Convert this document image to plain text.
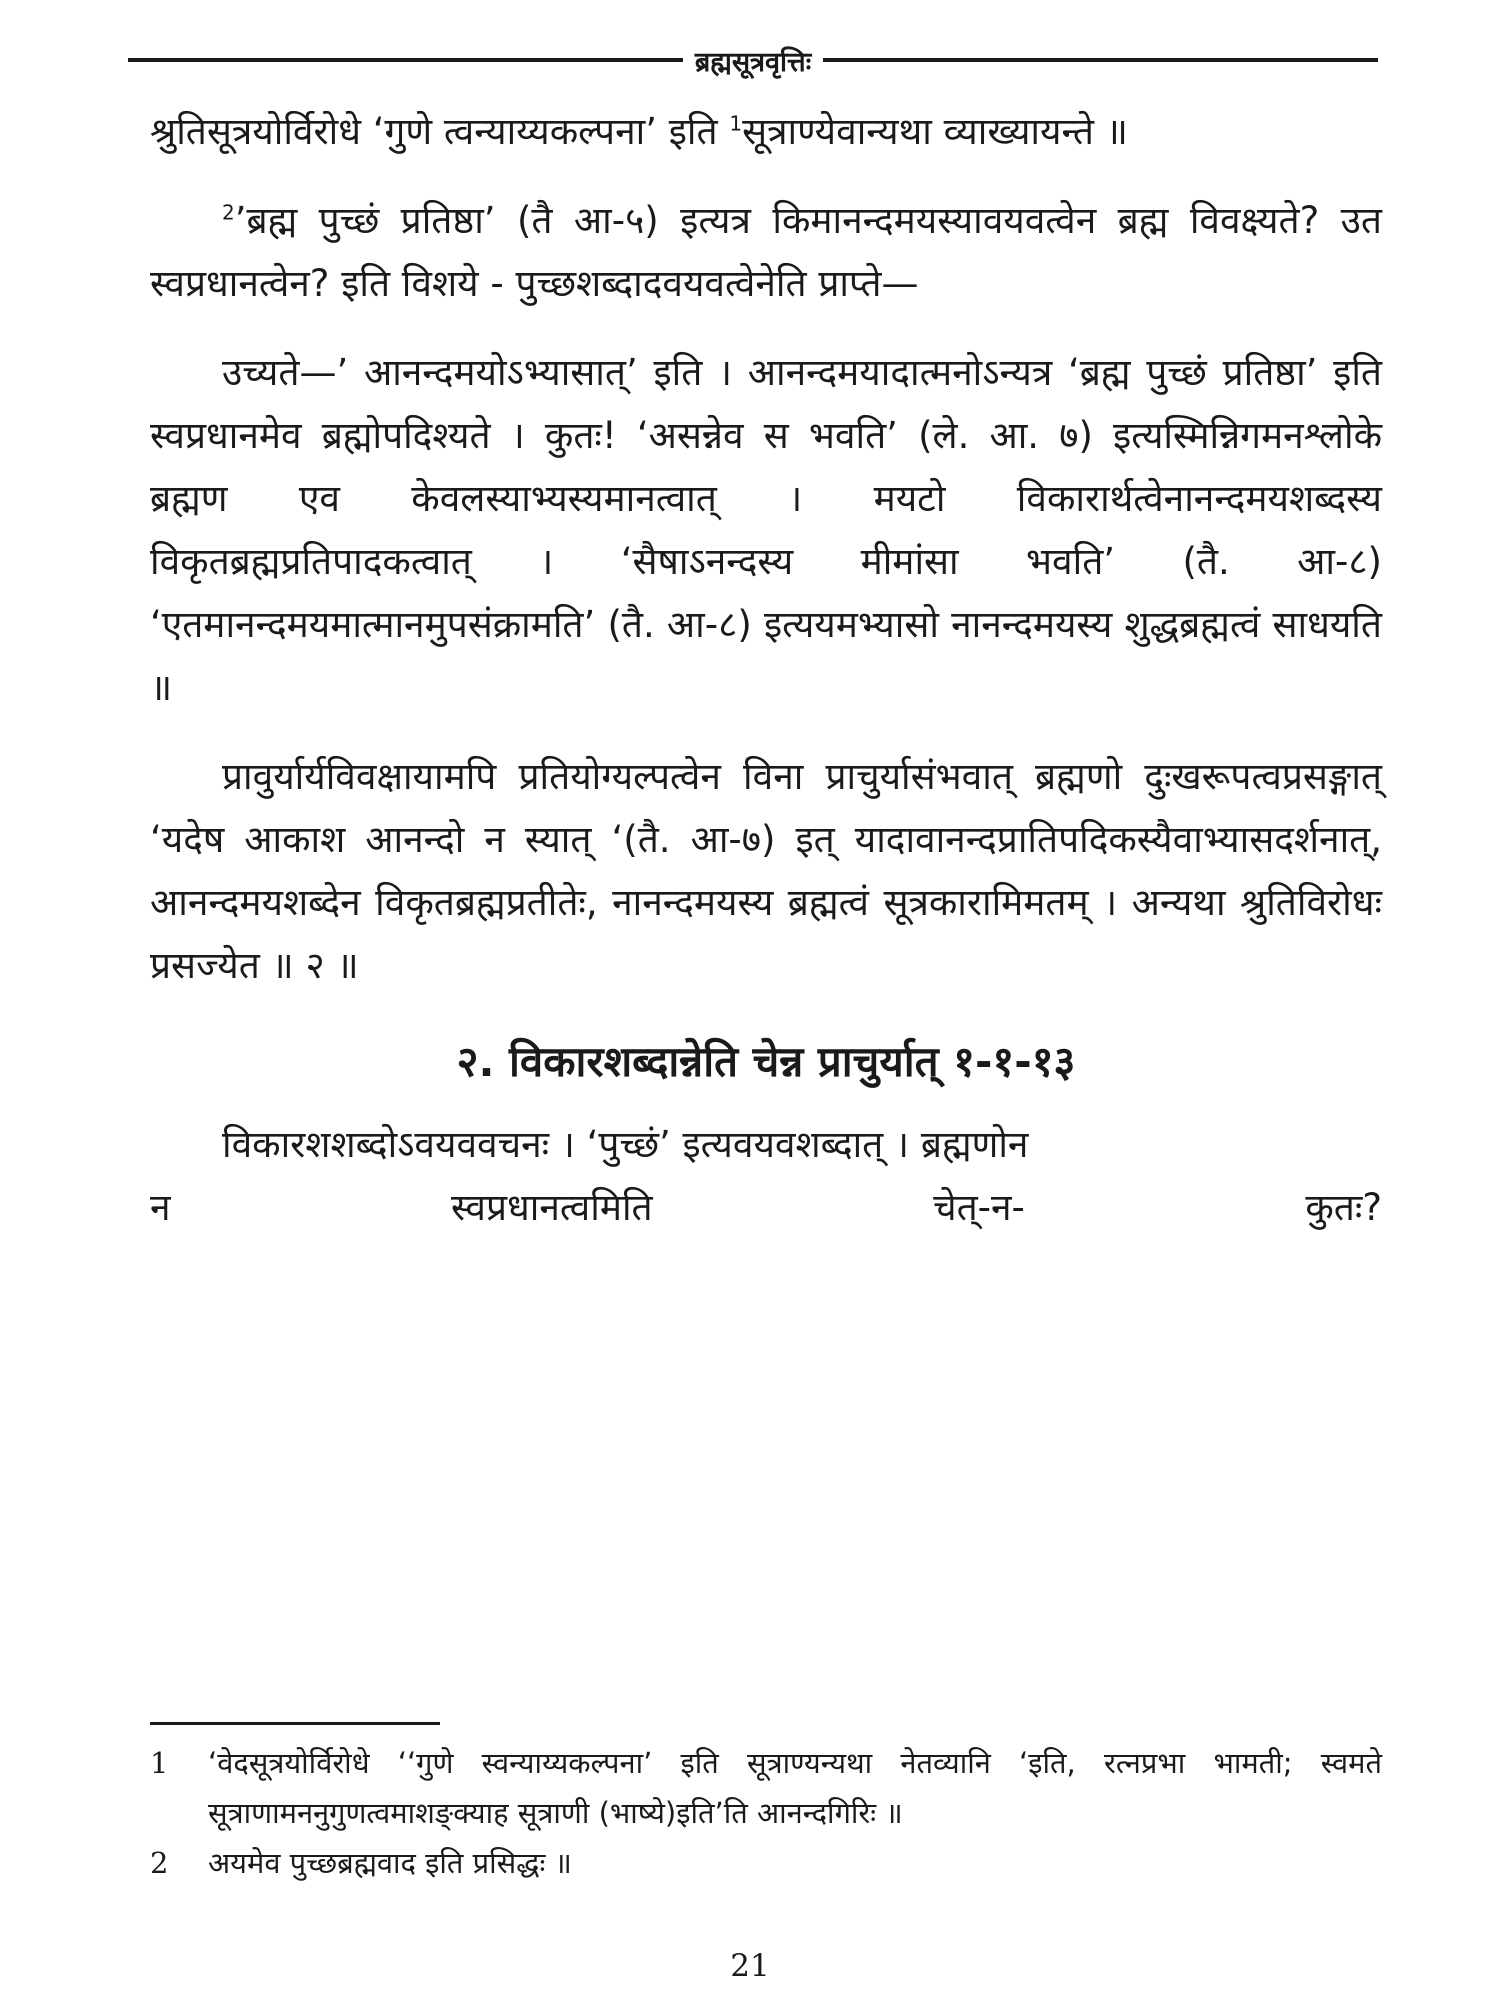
ब्रह्मसूत्रवृत्तिः

श्रुतिसूत्रयोर्विरोधे ‘गुणे त्वन्याय्यकल्पना’ इति $^1$सूत्राण्येवान्यथा व्याख्यायन्ते ॥

$^2$’ब्रह्म पुच्छं प्रतिष्ठा’ (तै आ-५) इत्यत्र किमानन्दमयस्यावयवत्वेन ब्रह्म विवक्ष्यते? उत स्वप्रधानत्वेन? इति विशये - पुच्छशब्दादवयवत्वेनेति प्राप्ते—

उच्यते—’ आनन्दमयोऽभ्यासात्’ इति । आनन्दमयादात्मनोऽन्यत्र ‘ब्रह्म पुच्छं प्रतिष्ठा’ इति स्वप्रधानमेव ब्रह्मोपदिश्यते । कुतः! ‘असन्नेव स भवति’ (ले. आ. ७) इत्यस्मिन्निगमनश्लोके ब्रह्मण एव केवलस्याभ्यस्यमानत्वात् । मयटो विकारार्थत्वेनानन्दमयशब्दस्य विकृतब्रह्मप्रतिपादकत्वात् । ‘सैषाऽनन्दस्य मीमांसा भवति’ (तै. आ-८) ‘एतमानन्दमयमात्मानमुपसंक्रामति’ (तै. आ-८) इत्ययमभ्यासो नानन्दमयस्य शुद्धब्रह्मत्वं साधयति ॥

प्रावुर्यार्यविवक्षायामपि प्रतियोग्यल्पत्वेन विना प्राचुर्यासंभवात् ब्रह्मणो दुःखरूपत्वप्रसङ्गात् ‘यदेष आकाश आनन्दो न स्यात् ‘(तै. आ-७) इत् यादावानन्दप्रातिपदिकस्यैवाभ्यासदर्शनात्, आनन्दमयशब्देन विकृतब्रह्मप्रतीतेः, नानन्दमयस्य ब्रह्मत्वं सूत्रकारामिमतम् । अन्यथा श्रुतिविरोधः प्रसज्येत ॥ २ ॥

२. विकारशब्दान्नेति चेन्न प्राचुर्यात् १-१-१३

विकारशशब्दोऽवयववचनः । ‘पुच्छं’ इत्यवयवशब्दात् । ब्रह्मणोन

न	स्वप्रधानत्वमिति	चेत्-न-	कुतः?
1	‘वेदसूत्रयोर्विरोधे ‘‘गुणे स्वन्याय्यकल्पना’ इति सूत्राण्यन्यथा नेतव्यानि ‘इति, रत्नप्रभा भामती; स्वमते सूत्राणामननुगुणत्वमाशङ्क्याह सूत्राणी (भाष्ये)इति’ति आनन्दगिरिः ॥
2	अयमेव पुच्छब्रह्मवाद इति प्रसिद्धः ॥
21
